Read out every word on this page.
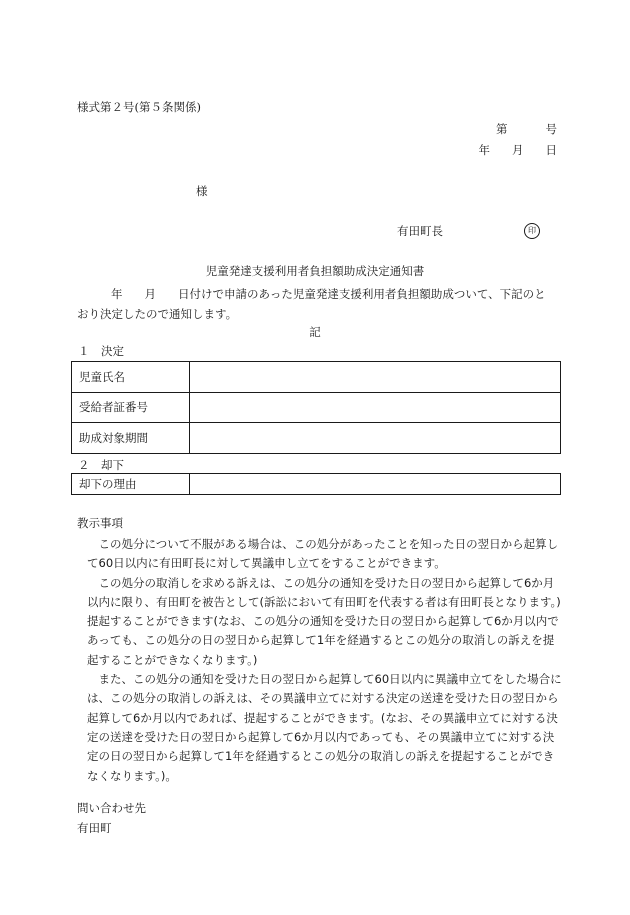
様式第２号(第５条関係)
第	号
年 月 日
様
有田町長	印
児童発達支援利用者負担額助成決定通知書
年 月 日付けで申請のあった児童発達支援利用者負担額助成ついて、下記のとおり決定したので通知します。
記
１　決定
児童氏名	
受給者証番号	
助成対象期間	
２　却下
却下の理由	
教示事項

この処分について不服がある場合は、この処分があったことを知った日の翌日から起算して60日以内に有田町長に対して異議申し立てをすることができます。

この処分の取消しを求める訴えは、この処分の通知を受けた日の翌日から起算して6か月以内に限り、有田町を被告として(訴訟において有田町を代表する者は有田町長となります。)提起することができます(なお、この処分の通知を受けた日の翌日から起算して6か月以内であっても、この処分の日の翌日から起算して1年を経過するとこの処分の取消しの訴えを提起することができなくなります。)

また、この処分の通知を受けた日の翌日から起算して60日以内に異議申立てをした場合には、この処分の取消しの訴えは、その異議申立てに対する決定の送達を受けた日の翌日から起算して6か月以内であれば、提起することができます。(なお、その異議申立てに対する決定の送達を受けた日の翌日から起算して6か月以内であっても、その異議申立てに対する決定の日の翌日から起算して1年を経過するとこの処分の取消しの訴えを提起することができなくなります。)。

問い合わせ先
有田町
